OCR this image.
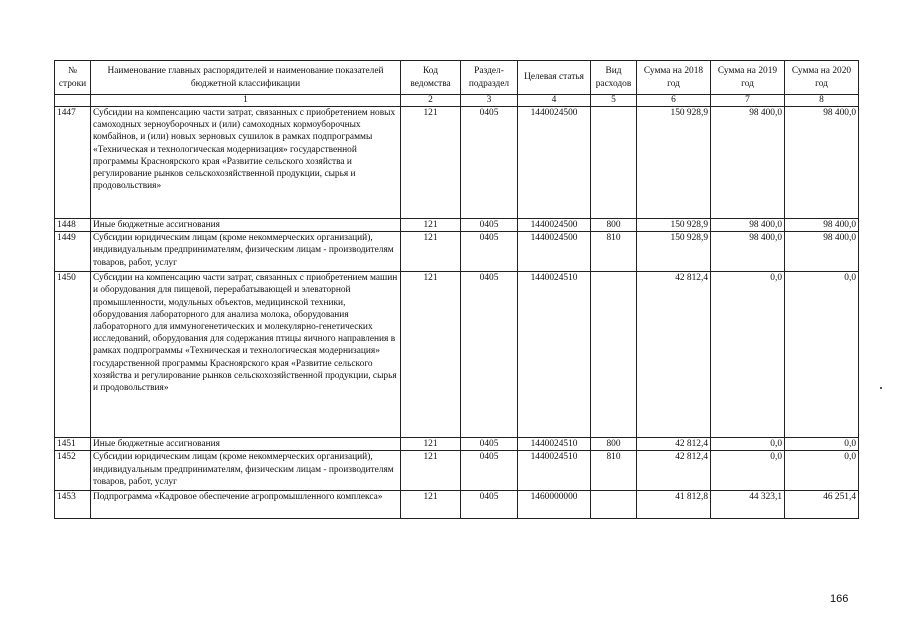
№ строки	Наименование главных распорядителей и наименование показателей бюджетной классификации	Код ведомства	Раздел-подраздел	Целевая статья	Вид расходов	Сумма на 2018 год	Сумма на 2019 год	Сумма на 2020 год
	1	2	3	4	5	6	7	8
1447	Субсидии на компенсацию части затрат, связанных с приобретением новых самоходных зерноуборочных и (или) самоходных кормоуборочных комбайнов, и (или) новых зерновых сушилок в рамках подпрограммы «Техническая и технологическая модернизация» государственной программы Красноярского края «Развитие сельского хозяйства и регулирование рынков сельскохозяйственной продукции, сырья и продовольствия»	121	0405	1440024500		150 928,9	98 400,0	98 400,0
1448	Иные бюджетные ассигнования	121	0405	1440024500	800	150 928,9	98 400,0	98 400,0
1449	Субсидии юридическим лицам (кроме некоммерческих организаций), индивидуальным предпринимателям, физическим лицам - производителям товаров, работ, услуг	121	0405	1440024500	810	150 928,9	98 400,0	98 400,0
1450	Субсидии на компенсацию части затрат, связанных с приобретением машин и оборудования для пищевой, перерабатывающей и элеваторной промышленности, модульных объектов, медицинской техники, оборудования лабораторного для анализа молока, оборудования лабораторного для иммуногенетических и молекулярно-генетических исследований, оборудования для содержания птицы яичного направления в рамках подпрограммы «Техническая и технологическая модернизация» государственной программы Красноярского края «Развитие сельского хозяйства и регулирование рынков сельскохозяйственной продукции, сырья и продовольствия»	121	0405	1440024510		42 812,4	0,0	0,0
1451	Иные бюджетные ассигнования	121	0405	1440024510	800	42 812,4	0,0	0,0
1452	Субсидии юридическим лицам (кроме некоммерческих организаций), индивидуальным предпринимателям, физическим лицам - производителям товаров, работ, услуг	121	0405	1440024510	810	42 812,4	0,0	0,0
1453	Подпрограмма «Кадровое обеспечение агропромышленного комплекса»	121	0405	1460000000		41 812,8	44 323,1	46 251,4
166
